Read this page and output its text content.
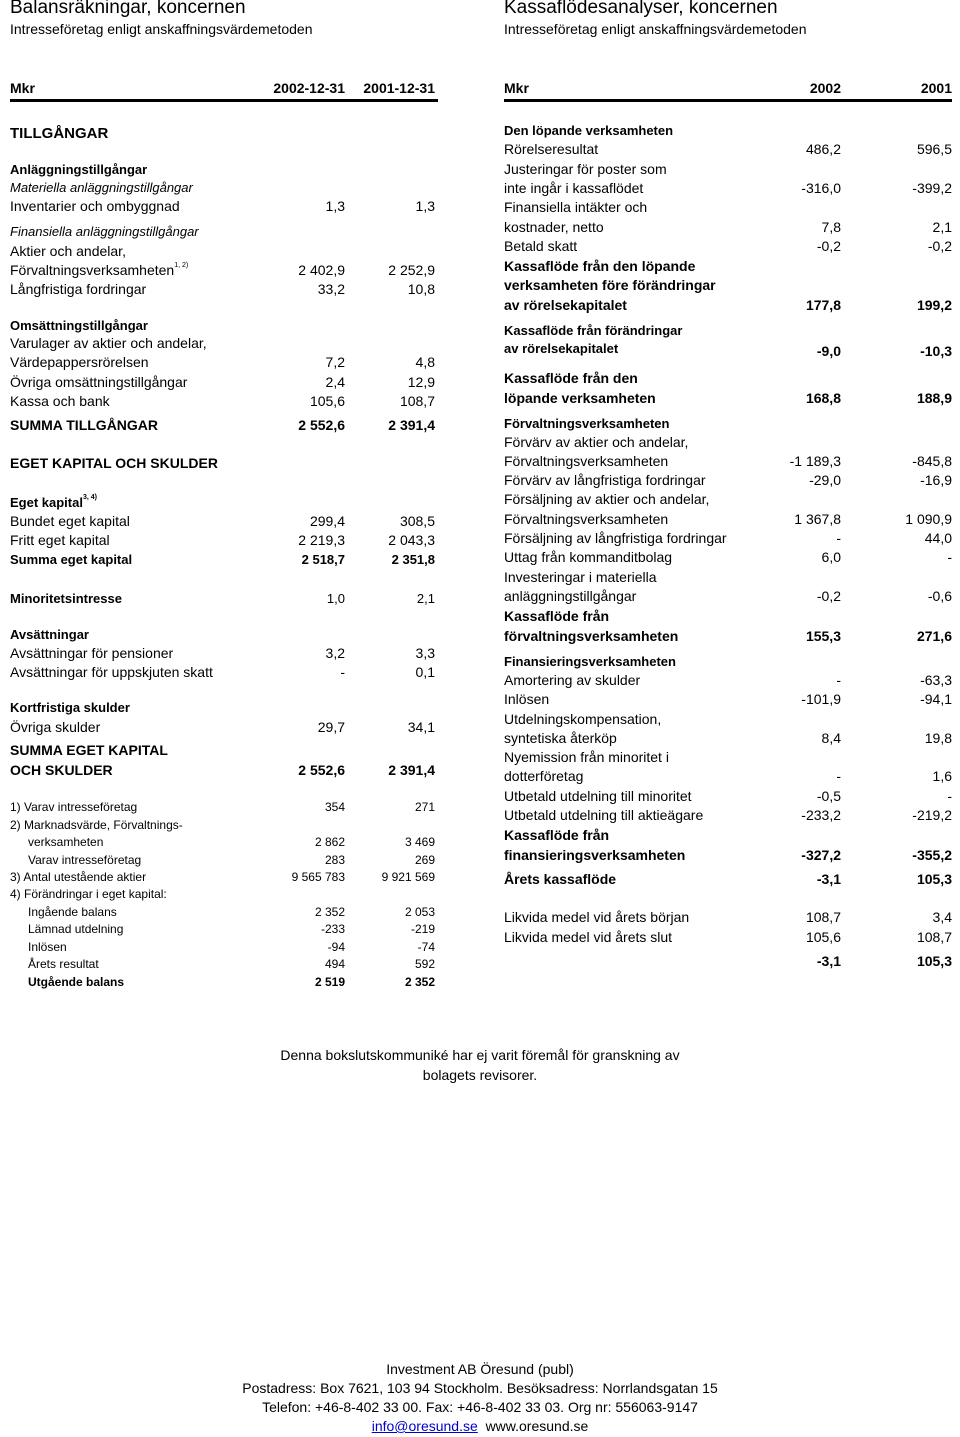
Balansräkningar, koncernen
Intresseföretag enligt anskaffningsvärdemetoden
Mkr	2002-12-31 2001-12-31
TILLGÅNGAR
Anläggningstillgångar
Materiella anläggningstillgångar
Inventarier och ombyggnad	1,3	1,3
Finansiella anläggningstillgångar
Aktier och andelar,
Förvaltningsverksamheten$^{1, 2)}$	2 402,9	2 252,9
Långfristiga fordringar	33,2	10,8
Omsättningstillgångar
Varulager av aktier och andelar,
Värdepappersrörelsen	7,2	4,8
Övriga omsättningstillgångar	2,4	12,9
Kassa och bank	105,6	108,7
SUMMA TILLGÅNGAR	2 552,6	2 391,4
EGET KAPITAL OCH SKULDER
Eget kapital$^{3, 4)}$
Bundet eget kapital	299,4	308,5
Fritt eget kapital	2 219,3	2 043,3
Summa eget kapital	2 518,7	2 351,8
Minoritetsintresse	1,0	2,1
Avsättningar
Avsättningar för pensioner	3,2	3,3
Avsättningar för uppskjuten skatt	-	0,1
Kortfristiga skulder
Övriga skulder	29,7	34,1
SUMMA EGET KAPITAL
OCH SKULDER	2 552,6	2 391,4
1) Varav intresseföretag	354	271
2) Marknadsvärde, Förvaltnings-
verksamheten	2 862	3 469
Varav intresseföretag	283	269
3) Antal utestående aktier	9 565 783	9 921 569
4) Förändringar i eget kapital:
Ingående balans	2 352	2 053
Lämnad utdelning	-233	-219
Inlösen	-94	-74
Årets resultat	494	592
Utgående balans	2 519	2 352
Kassaflödesanalyser, koncernen
Intresseföretag enligt anskaffningsvärdemetoden
Mkr	2002	2001
Den löpande verksamheten
Rörelseresultat	486,2	596,5
Justeringar för poster som
inte ingår i kassaflödet	-316,0	-399,2
Finansiella intäkter och
kostnader, netto	7,8	2,1
Betald skatt	-0,2	-0,2
Kassaflöde från den löpande
verksamheten före förändringar
av rörelsekapitalet	177,8	199,2
Kassaflöde från förändringar
av rörelsekapitalet	-9,0	-10,3
Kassaflöde från den
löpande verksamheten	168,8	188,9
Förvaltningsverksamheten
Förvärv av aktier och andelar,
Förvaltningsverksamheten	-1 189,3	-845,8
Förvärv av långfristiga fordringar	-29,0	-16,9
Försäljning av aktier och andelar,
Förvaltningsverksamheten	1 367,8	1 090,9
Försäljning av långfristiga fordringar	-	44,0
Uttag från kommanditbolag	6,0	-
Investeringar i materiella
anläggningstillgångar	-0,2	-0,6
Kassaflöde från
förvaltningsverksamheten	155,3	271,6
Finansieringsverksamheten
Amortering av skulder	-	-63,3
Inlösen	-101,9	-94,1
Utdelningskompensation,
syntetiska återköp	8,4	19,8
Nyemission från minoritet i
dotterföretag	-	1,6
Utbetald utdelning till minoritet	-0,5	-
Utbetald utdelning till aktieägare	-233,2	-219,2
Kassaflöde från
finansieringsverksamheten	-327,2	-355,2
Årets kassaflöde	-3,1	105,3
Likvida medel vid årets början	108,7	3,4
Likvida medel vid årets slut	105,6	108,7
-3,1	105,3
Denna bokslutskommuniké har ej varit föremål för granskning av
bolagets revisorer.
Investment AB Öresund (publ)
Postadress: Box 7621, 103 94 Stockholm. Besöksadress: Norrlandsgatan 15
Telefon: +46-8-402 33 00. Fax: +46-8-402 33 03. Org nr: 556063-9147
info@oresund.se www.oresund.se
